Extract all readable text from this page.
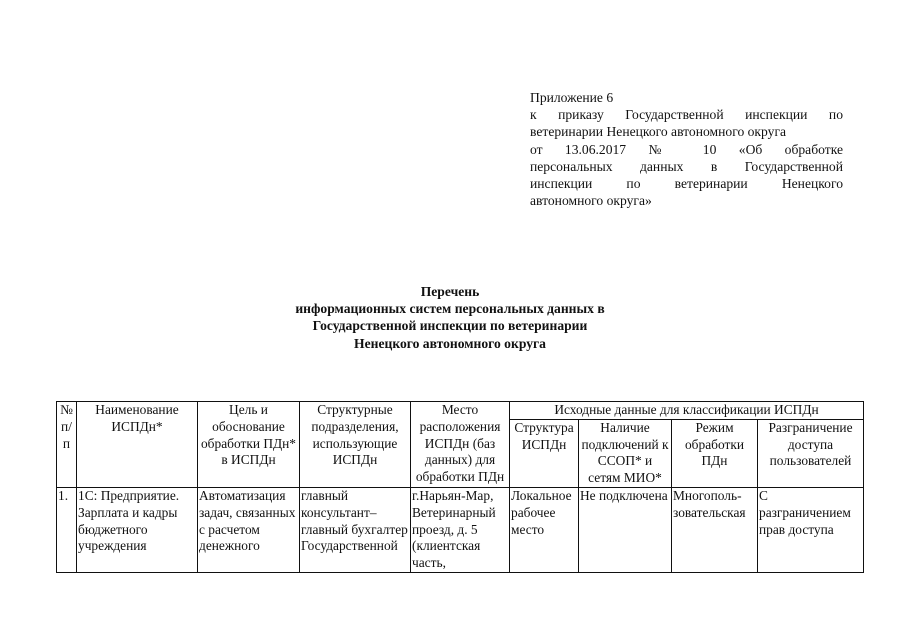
Приложение 6
к приказу Государственной инспекции по
ветеринарии Ненецкого автономного округа
от 13.06.2017 № 10 «Об обработке
персональных данных в Государственной
инспекции по ветеринарии Ненецкого
автономного округа»
Перечень
информационных систем персональных данных в
Государственной инспекции по ветеринарии
Ненецкого автономного округа
№ п/п	Наименование ИСПДн*	Цель и обоснование обработки ПДн* в ИСПДн	Структурные подразделения, использующие ИСПДн	Место расположения ИСПДн (баз данных) для обработки ПДн	Исходные данные для классификации ИСПДн			
					Структура ИСПДн	Наличие подключений к ССОП* и сетям МИО*	Режим обработки ПДн	Разграничение доступа пользователей
1.	1С: Предприятие. Зарплата и кадры бюджетного учреждения	Автоматизация задач, связанных с расчетом денежного	главный консультант– главный бухгалтер Государственной	г.Нарьян-Мар, Ветеринарный проезд, д. 5 (клиентская часть,	Локальное рабочее место	Не подключена	Многополь- зовательская	С разграничением прав доступа
